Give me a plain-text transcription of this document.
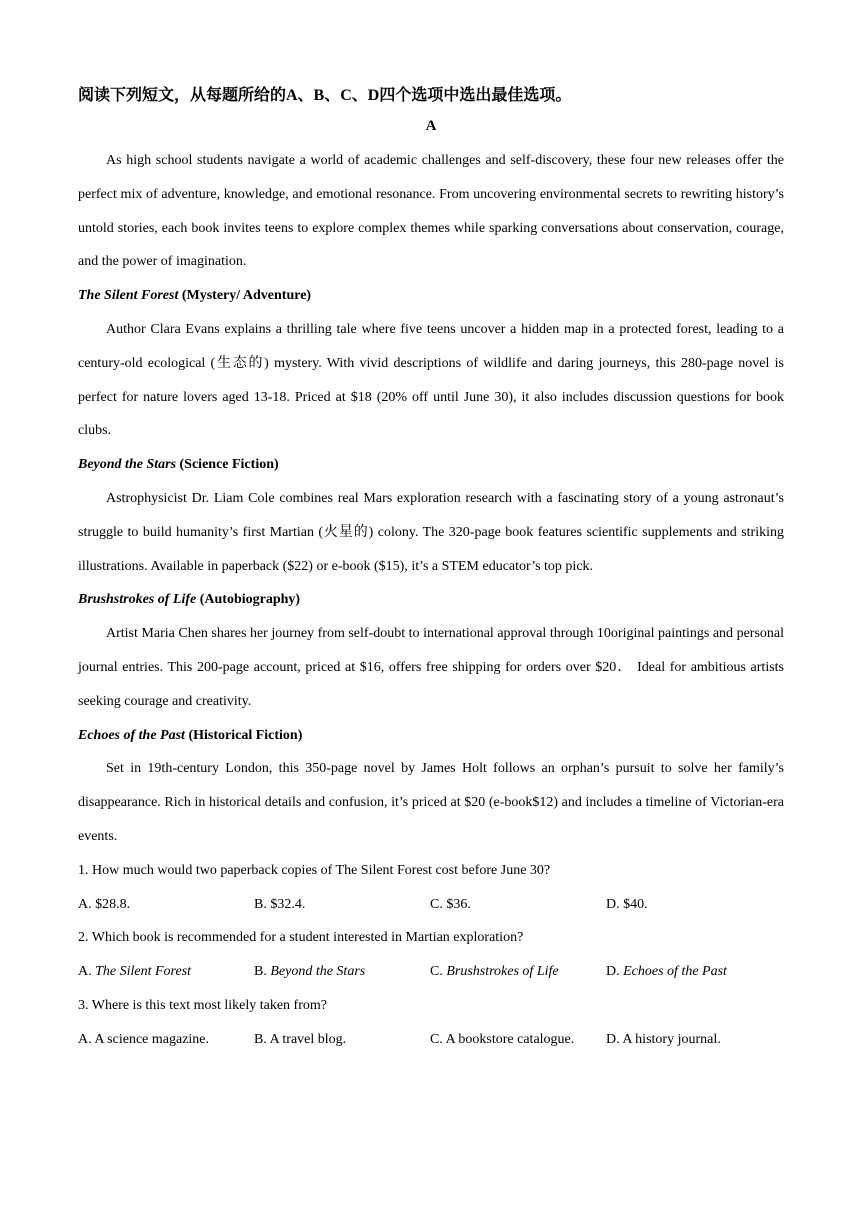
阅读下列短文，从每题所给的A、B、C、D四个选项中选出最佳选项。
A

As high school students navigate a world of academic challenges and self-discovery, these four new releases offer the perfect mix of adventure, knowledge, and emotional resonance. From uncovering environmental secrets to rewriting history’s untold stories, each book invites teens to explore complex themes while sparking conversations about conservation, courage, and the power of imagination.

The Silent Forest (Mystery/ Adventure)

Author Clara Evans explains a thrilling tale where five teens uncover a hidden map in a protected forest, leading to a century-old ecological (生态的) mystery. With vivid descriptions of wildlife and daring journeys, this 280-page novel is perfect for nature lovers aged 13-18. Priced at $18 (20% off until June 30), it also includes discussion questions for book clubs.

Beyond the Stars (Science Fiction)

Astrophysicist Dr. Liam Cole combines real Mars exploration research with a fascinating story of a young astronaut’s struggle to build humanity’s first Martian (火星的) colony. The 320-page book features scientific supplements and striking illustrations. Available in paperback ($22) or e-book ($15), it’s a STEM educator’s top pick.

Brushstrokes of Life (Autobiography)

Artist Maria Chen shares her journey from self-doubt to international approval through 10original paintings and personal journal entries. This 200-page account, priced at $16, offers free shipping for orders over $20． Ideal for ambitious artists seeking courage and creativity.

Echoes of the Past (Historical Fiction)

Set in 19th-century London, this 350-page novel by James Holt follows an orphan’s pursuit to solve her family’s disappearance. Rich in historical details and confusion, it’s priced at $20 (e-book$12) and includes a timeline of Victorian-era events.

1. How much would two paperback copies of The Silent Forest cost before June 30?
A. $28.8.	B. $32.4.	C. $36.	D. $40.
2. Which book is recommended for a student interested in Martian exploration?
A. The Silent Forest	B. Beyond the Stars	C. Brushstrokes of Life	D. Echoes of the Past
3. Where is this text most likely taken from?
A. A science magazine.	B. A travel blog.	C. A bookstore catalogue.	D. A history journal.
